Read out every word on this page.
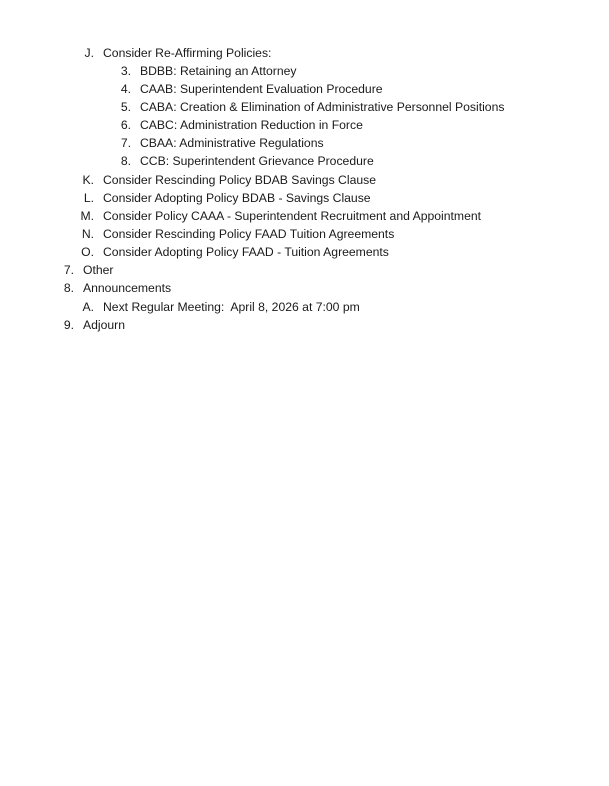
J. Consider Re-Affirming Policies:
3. BDBB: Retaining an Attorney
4. CAAB: Superintendent Evaluation Procedure
5. CABA: Creation & Elimination of Administrative Personnel Positions
6. CABC: Administration Reduction in Force
7. CBAA: Administrative Regulations
8. CCB: Superintendent Grievance Procedure
K. Consider Rescinding Policy BDAB Savings Clause
L. Consider Adopting Policy BDAB - Savings Clause
M. Consider Policy CAAA - Superintendent Recruitment and Appointment
N. Consider Rescinding Policy FAAD Tuition Agreements
O. Consider Adopting Policy FAAD - Tuition Agreements
7. Other
8. Announcements
A. Next Regular Meeting:  April 8, 2026 at 7:00 pm
9. Adjourn
